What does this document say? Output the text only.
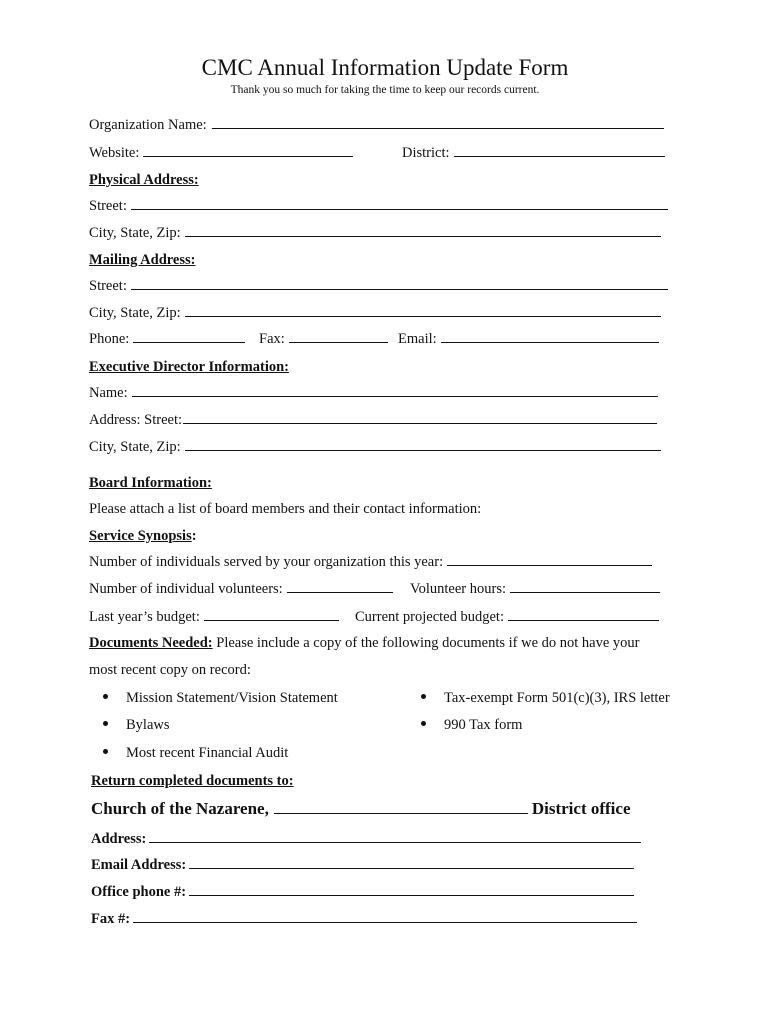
CMC Annual Information Update Form
Thank you so much for taking the time to keep our records current.
Organization Name:
Website:	District:
Physical Address:
Street:
City, State, Zip:
Mailing Address:
Street:
City, State, Zip:
Phone:	Fax:	Email:
Executive Director Information:
Name:
Address: Street:
City, State, Zip:
Board Information:
Please attach a list of board members and their contact information:
Service Synopsis :
Number of individuals served by your organization this year:
Number of individual volunteers:	Volunteer hours:
Last year’s budget:	Current projected budget:
Documents Needed: Please include a copy of the following documents if we do not have your
most recent copy on record:
Mission Statement/Vision Statement
Bylaws
Most recent Financial Audit
Tax-exempt Form 501(c)(3), IRS letter
990 Tax form
Return completed documents to:
Church of the Nazarene,	District office
Address:
Email Address:
Office phone #:
Fax #:
